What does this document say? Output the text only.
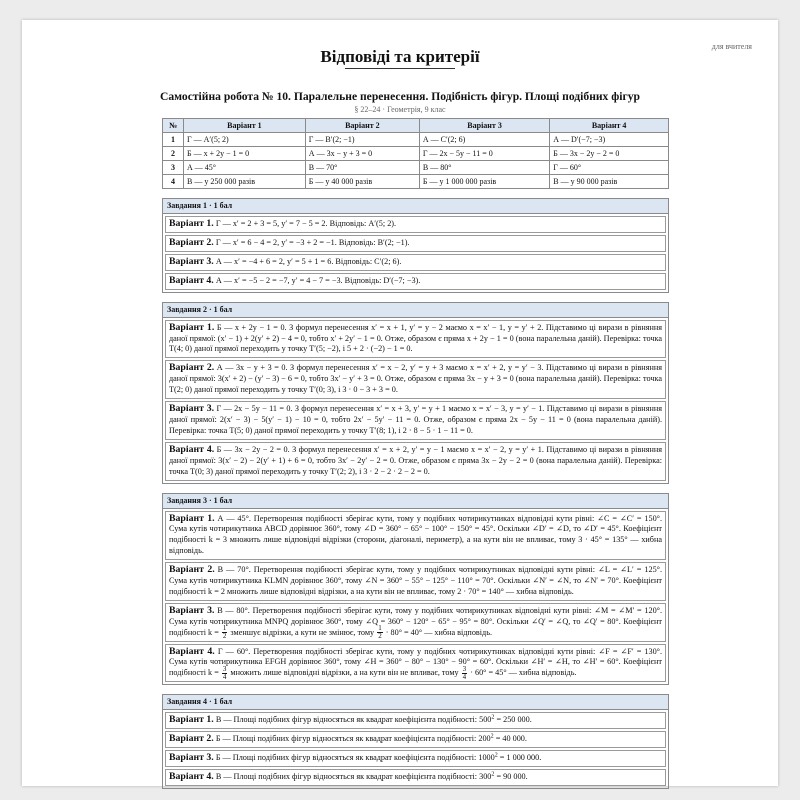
для вчителя
Відповіді та критерії
Самостійна робота № 10. Паралельне перенесення. Подібність фігур. Площі подібних фігур
§ 22–24 · Геометрія, 9 клас
№	Варіант 1	Варіант 2	Варіант 3	Варіант 4
1	Г — A′(5; 2)	Г — B′(2; −1)	А — C′(2; 6)	А — D′(−7; −3)
2	Б — x + 2y − 1 = 0	А — 3x − y + 3 = 0	Г — 2x − 5y − 11 = 0	Б — 3x − 2y − 2 = 0
3	А — 45°	В — 70°	В — 80°	Г — 60°
4	В — у 250 000 разів	Б — у 40 000 разів	Б — у 1 000 000 разів	В — у 90 000 разів
Завдання 1 · 1 бал
Варіант 1. Г — x′ = 2 + 3 = 5, y′ = 7 − 5 = 2. Відповідь: A′(5; 2).
Варіант 2. Г — x′ = 6 − 4 = 2, y′ = −3 + 2 = −1. Відповідь: B′(2; −1).
Варіант 3. А — x′ = −4 + 6 = 2, y′ = 5 + 1 = 6. Відповідь: C′(2; 6).
Варіант 4. А — x′ = −5 − 2 = −7, y′ = 4 − 7 = −3. Відповідь: D′(−7; −3).
Завдання 2 · 1 бал
Варіант 1. Б — x + 2y − 1 = 0. З формул перенесення x′ = x + 1, y′ = y − 2 маємо x = x′ − 1, y = y′ + 2. Підставимо ці вирази в рівняння даної прямої: (x′ − 1) + 2(y′ + 2) − 4 = 0, тобто x′ + 2y′ − 1 = 0. Отже, образом є пряма x + 2y − 1 = 0 (вона паралельна даній). Перевірка: точка T(4; 0) даної прямої переходить у точку T′(5; −2), і 5 + 2 · (−2) − 1 = 0.
Варіант 2. А — 3x − y + 3 = 0. З формул перенесення x′ = x − 2, y′ = y + 3 маємо x = x′ + 2, y = y′ − 3. Підставимо ці вирази в рівняння даної прямої: 3(x′ + 2) − (y′ − 3) − 6 = 0, тобто 3x′ − y′ + 3 = 0. Отже, образом є пряма 3x − y + 3 = 0 (вона паралельна даній). Перевірка: точка T(2; 0) даної прямої переходить у точку T′(0; 3), і 3 · 0 − 3 + 3 = 0.
Варіант 3. Г — 2x − 5y − 11 = 0. З формул перенесення x′ = x + 3, y′ = y + 1 маємо x = x′ − 3, y = y′ − 1. Підставимо ці вирази в рівняння даної прямої: 2(x′ − 3) − 5(y′ − 1) − 10 = 0, тобто 2x′ − 5y′ − 11 = 0. Отже, образом є пряма 2x − 5y − 11 = 0 (вона паралельна даній). Перевірка: точка T(5; 0) даної прямої переходить у точку T′(8; 1), і 2 · 8 − 5 · 1 − 11 = 0.
Варіант 4. Б — 3x − 2y − 2 = 0. З формул перенесення x′ = x + 2, y′ = y − 1 маємо x = x′ − 2, y = y′ + 1. Підставимо ці вирази в рівняння даної прямої: 3(x′ − 2) − 2(y′ + 1) + 6 = 0, тобто 3x′ − 2y′ − 2 = 0. Отже, образом є пряма 3x − 2y − 2 = 0 (вона паралельна даній). Перевірка: точка T(0; 3) даної прямої переходить у точку T′(2; 2), і 3 · 2 − 2 · 2 − 2 = 0.
Завдання 3 · 1 бал
Варіант 1. А — 45°. Перетворення подібності зберігає кути, тому у подібних чотирикутниках відповідні кути рівні: ∠C = ∠C′ = 150°. Сума кутів чотирикутника ABCD дорівнює 360°, тому ∠D = 360° − 65° − 100° − 150° = 45°. Оскільки ∠D′ = ∠D, то ∠D′ = 45°. Коефіцієнт подібності k = 3 множить лише відповідні відрізки (сторони, діагоналі, периметр), а на кути він не впливає, тому 3 · 45° = 135° — хибна відповідь.
Варіант 2. В — 70°. Перетворення подібності зберігає кути, тому у подібних чотирикутниках відповідні кути рівні: ∠L = ∠L′ = 125°. Сума кутів чотирикутника KLMN дорівнює 360°, тому ∠N = 360° − 55° − 125° − 110° = 70°. Оскільки ∠N′ = ∠N, то ∠N′ = 70°. Коефіцієнт подібності k = 2 множить лише відповідні відрізки, а на кути він не впливає, тому 2 · 70° = 140° — хибна відповідь.
Варіант 3. В — 80°. Перетворення подібності зберігає кути, тому у подібних чотирикутниках відповідні кути рівні: ∠M = ∠M′ = 120°. Сума кутів чотирикутника MNPQ дорівнює 360°, тому ∠Q = 360° − 120° − 65° − 95° = 80°. Оскільки ∠Q′ = ∠Q, то ∠Q′ = 80°. Коефіцієнт подібності $k = \frac{1}{2}$ зменшує відрізки, а кути не змінює, тому $\frac{1}{2} \cdot 80^\circ = 40^\circ$ — хибна відповідь.
Варіант 4. Г — 60°. Перетворення подібності зберігає кути, тому у подібних чотирикутниках відповідні кути рівні: ∠F = ∠F′ = 130°. Сума кутів чотирикутника EFGH дорівнює 360°, тому ∠H = 360° − 80° − 130° − 90° = 60°. Оскільки ∠H′ = ∠H, то ∠H′ = 60°. Коефіцієнт подібності $k = \frac{3}{4}$ множить лише відповідні відрізки, а на кути він не впливає, тому $\frac{3}{4} \cdot 60^\circ = 45^\circ$ — хибна відповідь.
Завдання 4 · 1 бал
Варіант 1. В — Площі подібних фігур відносяться як квадрат коефіцієнта подібності: $500^2 = 250$ 000.
Варіант 2. Б — Площі подібних фігур відносяться як квадрат коефіцієнта подібності: $200^2 = 40$ 000.
Варіант 3. Б — Площі подібних фігур відносяться як квадрат коефіцієнта подібності: $1000^2 = 1$ 000 000.
Варіант 4. В — Площі подібних фігур відносяться як квадрат коефіцієнта подібності: $300^2 = 90$ 000.
